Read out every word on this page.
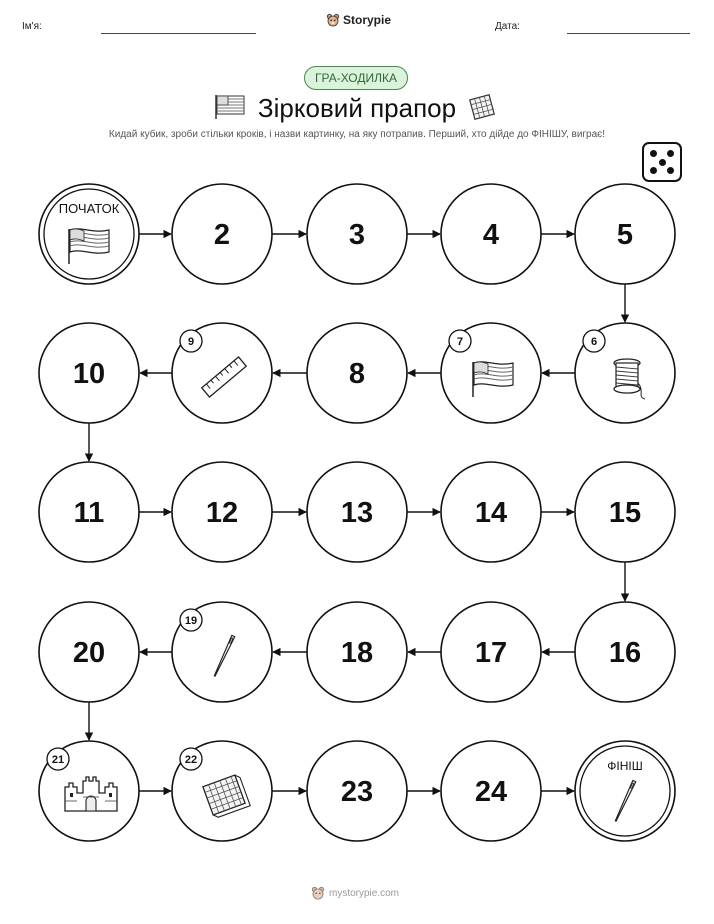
Ім'я:	Storypie	Дата:
ГРА-ХОДИЛКА
Зірковий прапор
Кидай кубик, зроби стільки кроків, і назви картинку, на яку потрапив. Перший, хто дійде до ФІНІШУ, виграє!
ПОЧАТОК
2	3	4	5
6
7
8
9
10
11	12	13	14	15
16
17
18
19
20
21	22
23	24
ФІНІШ
mystorypie.com
